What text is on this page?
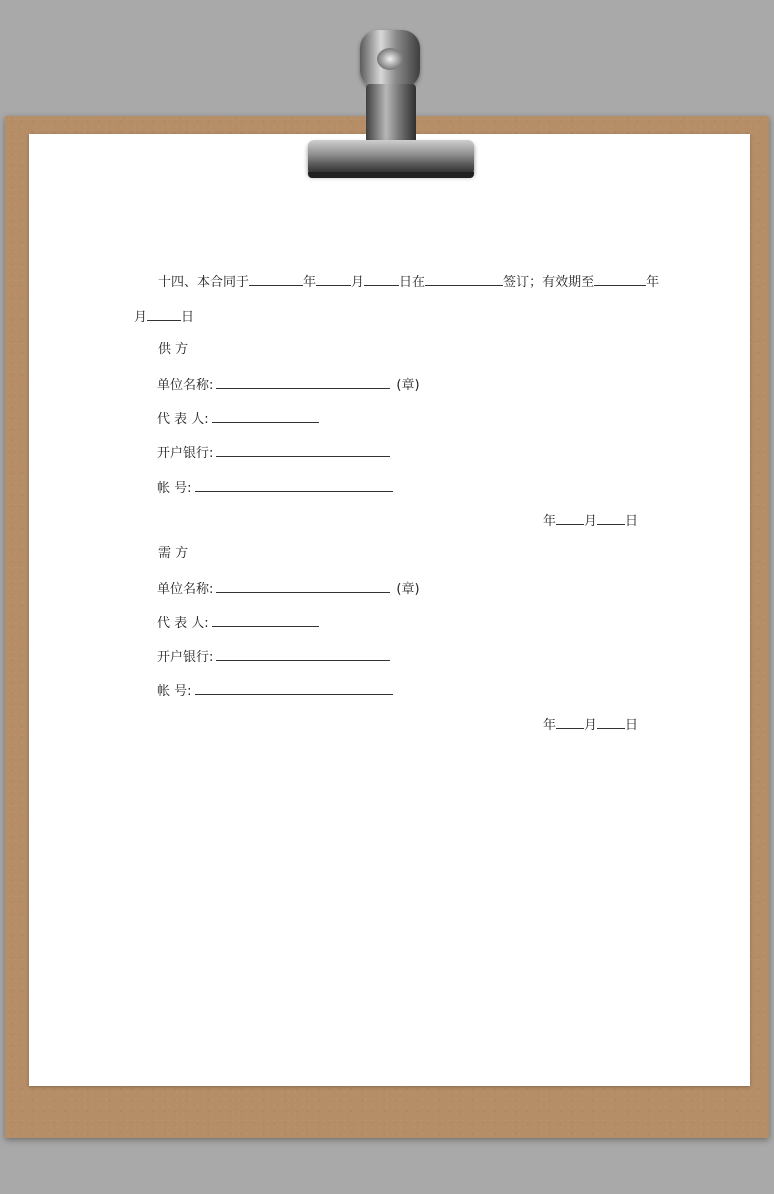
十四、本合同于	年	月	日在	签订；有效期至	年
月	日
供 方
单位名称:	(章)
代 表 人:
开户银行:
帐 号:
年 月 日
需 方
单位名称:	(章)
代 表 人:
开户银行:
帐 号:
年 月 日
